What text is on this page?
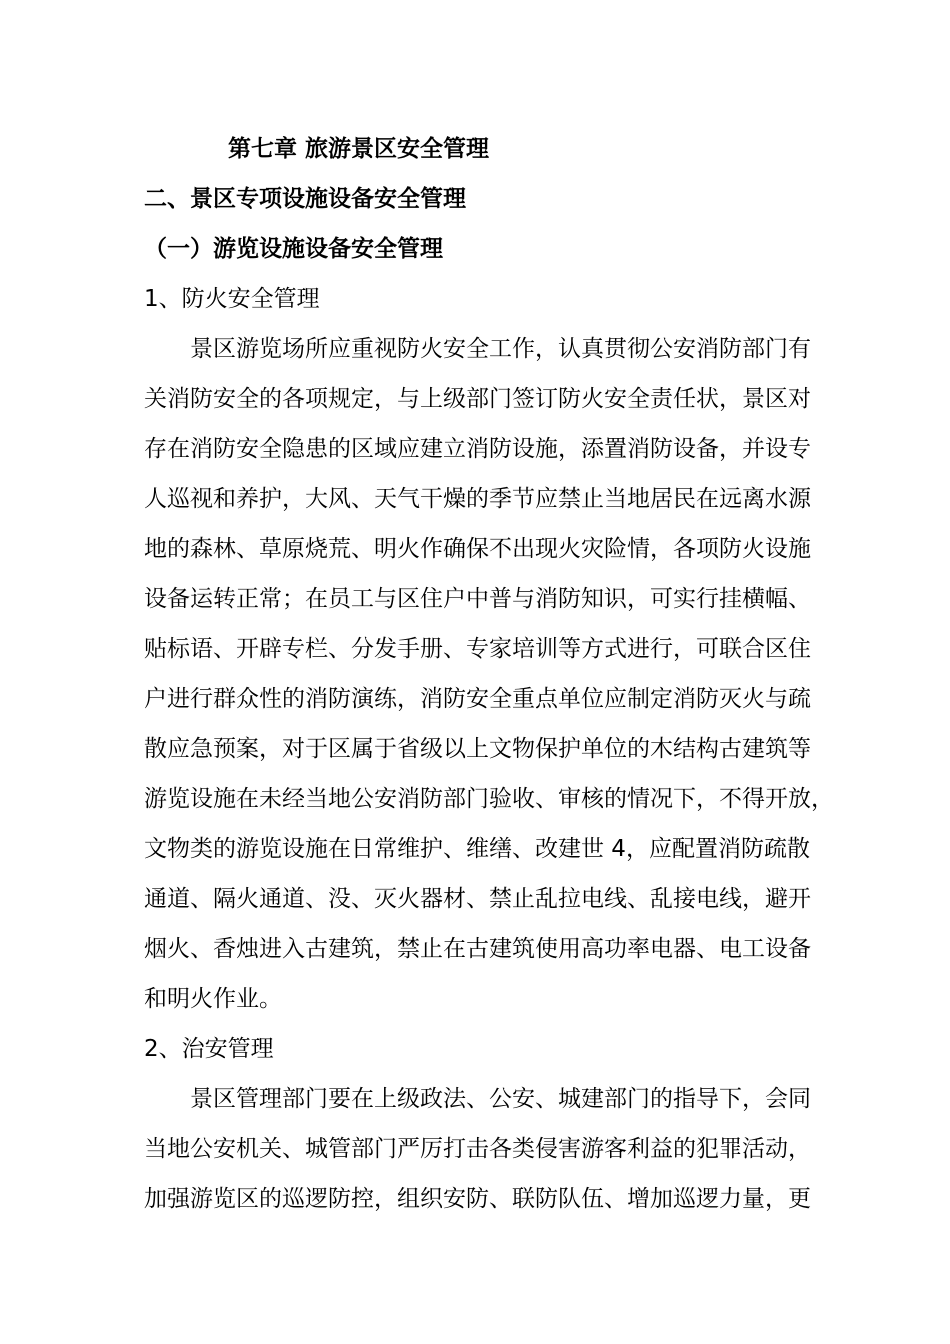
第七章 旅游景区安全管理
二、景区专项设施设备安全管理
（一）游览设施设备安全管理
1、防火安全管理
景区游览场所应重视防火安全工作，认真贯彻公安消防部门有
关消防安全的各项规定，与上级部门签订防火安全责任状，景区对
存在消防安全隐患的区域应建立消防设施，添置消防设备，并设专
人巡视和养护，大风、天气干燥的季节应禁止当地居民在远离水源
地的森林、草原烧荒、明火作确保不出现火灾险情，各项防火设施
设备运转正常；在员工与区住户中普与消防知识，可实行挂横幅、
贴标语、开辟专栏、分发手册、专家培训等方式进行，可联合区住
户进行群众性的消防演练，消防安全重点单位应制定消防灭火与疏
散应急预案，对于区属于省级以上文物保护单位的木结构古建筑等
游览设施在未经当地公安消防部门验收、审核的情况下，不得开放，
文物类的游览设施在日常维护、维缮、改建世 4，应配置消防疏散
通道、隔火通道、没、灭火器材、禁止乱拉电线、乱接电线，避开
烟火、香烛进入古建筑，禁止在古建筑使用高功率电器、电工设备
和明火作业。
2、治安管理
景区管理部门要在上级政法、公安、城建部门的指导下，会同
当地公安机关、城管部门严厉打击各类侵害游客利益的犯罪活动，
加强游览区的巡逻防控，组织安防、联防队伍、增加巡逻力量，更
